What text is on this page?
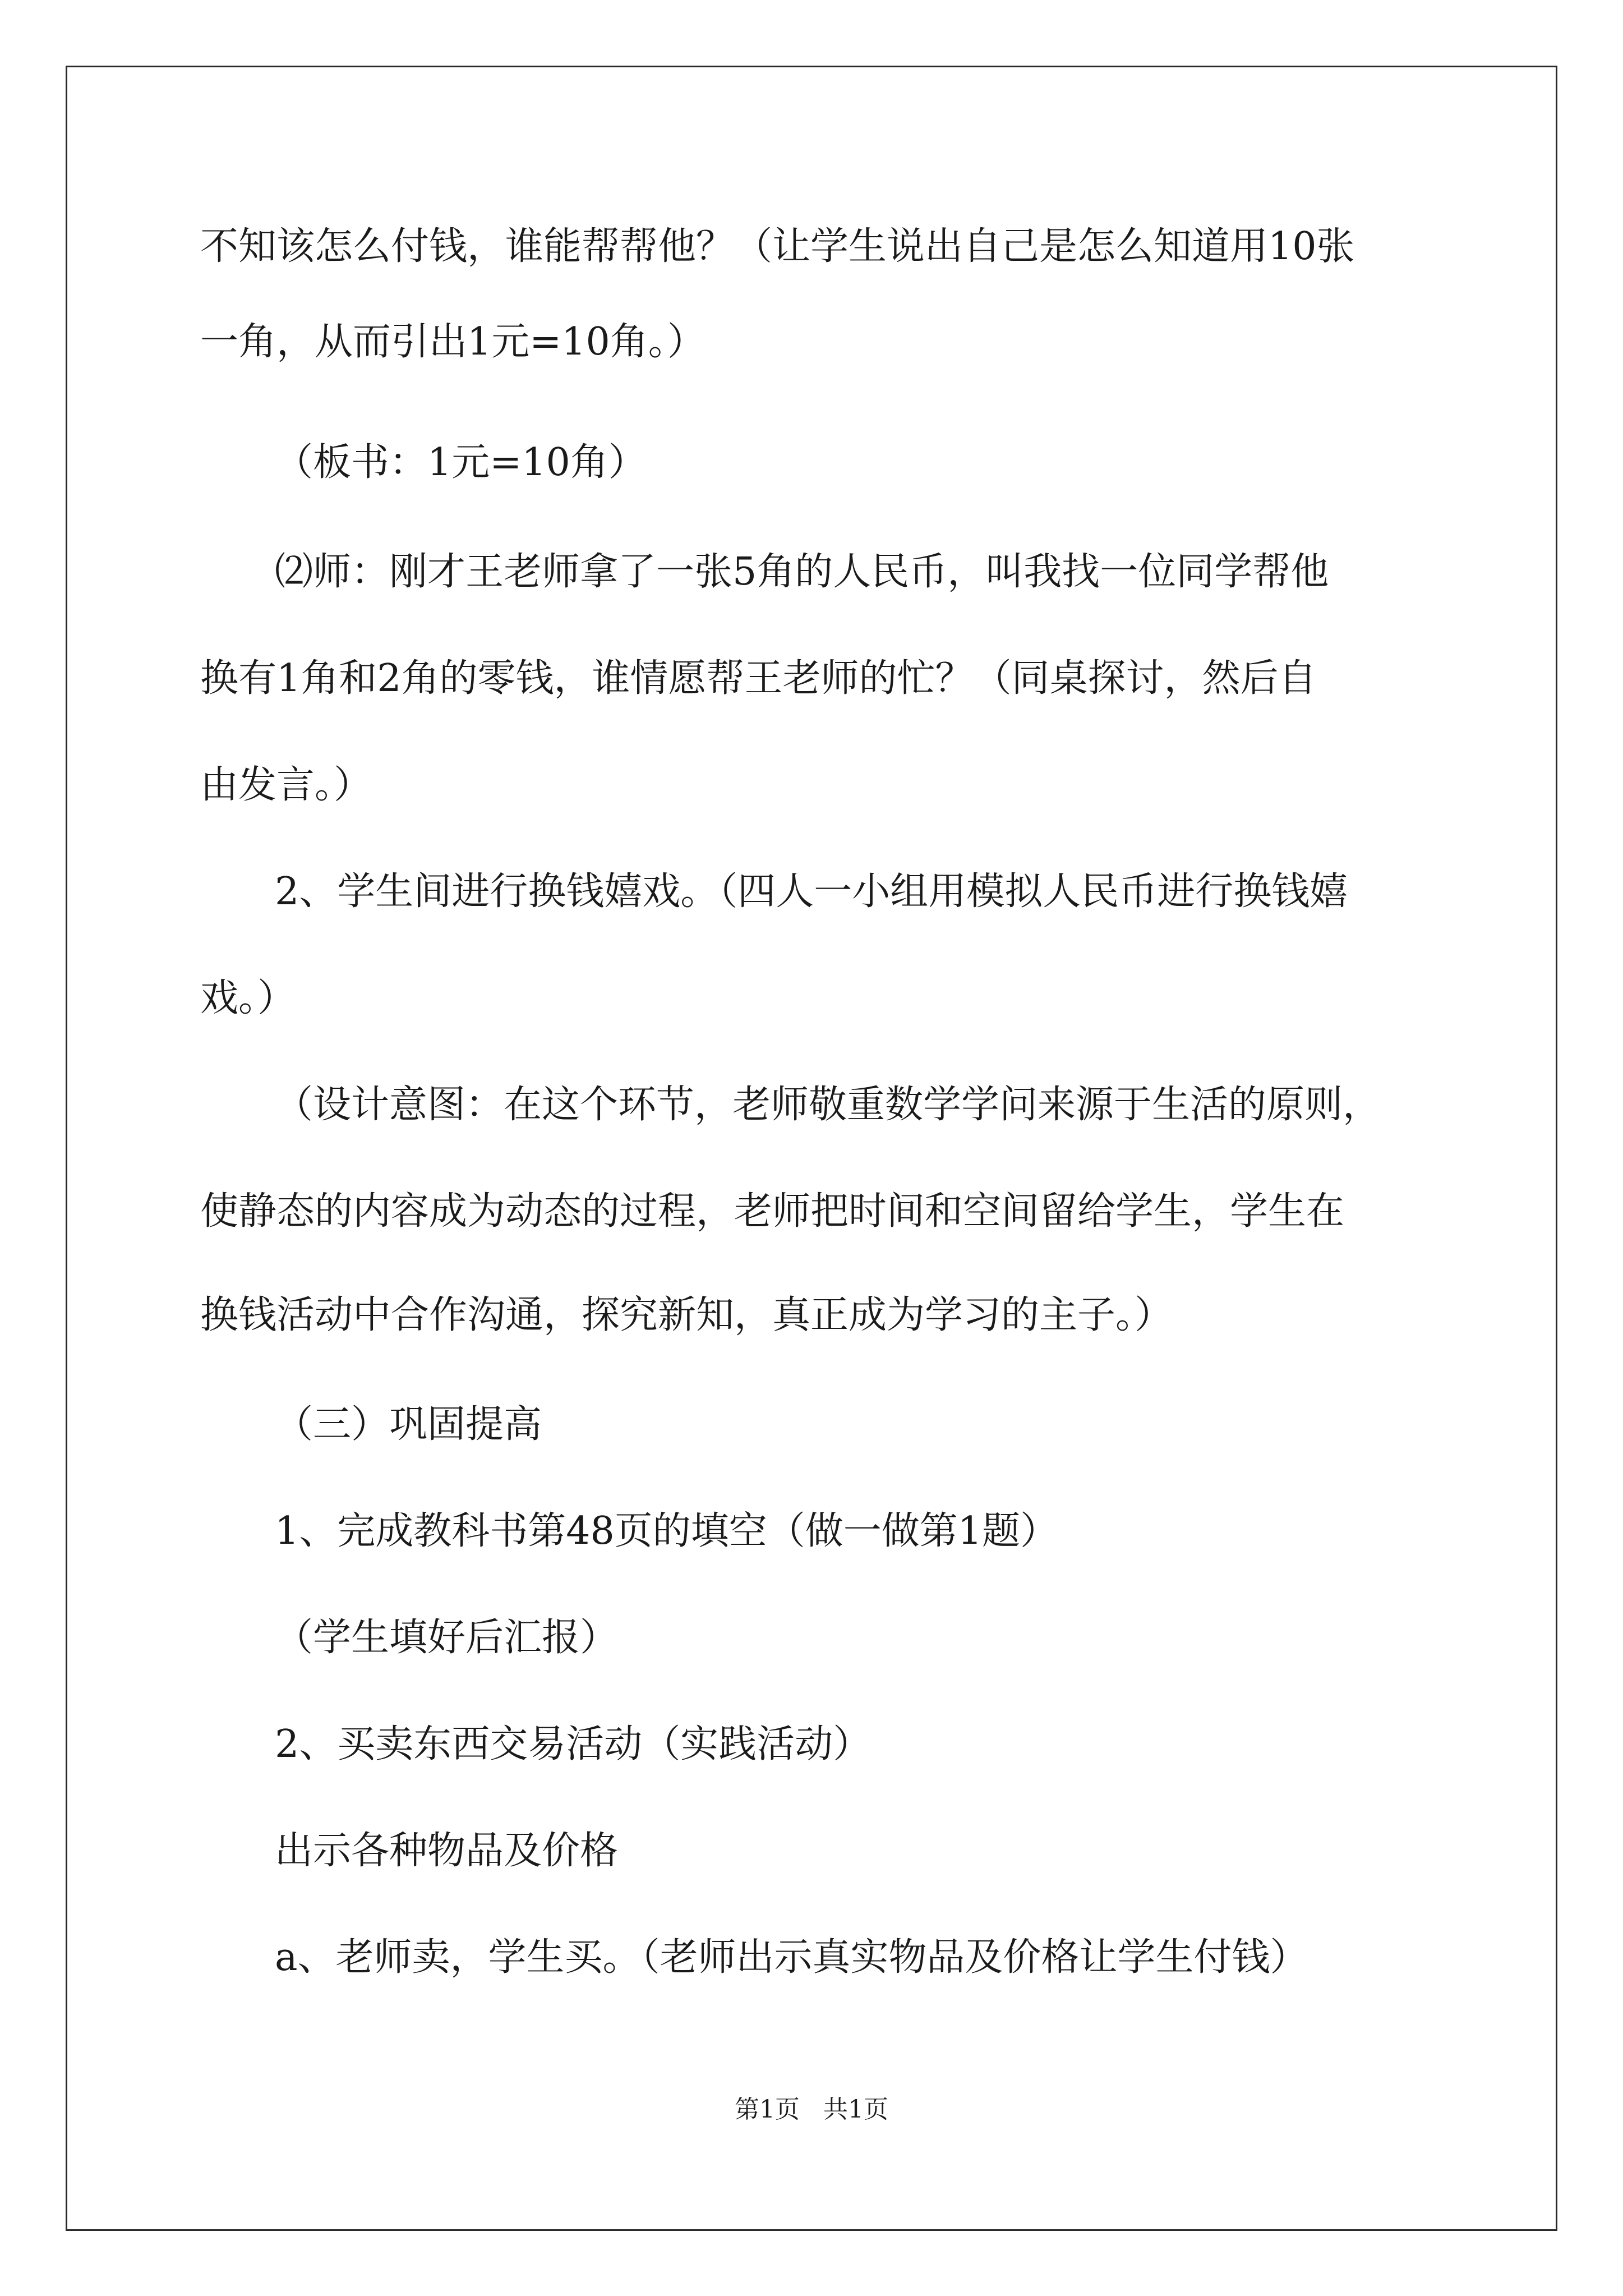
不知该怎么付钱，谁能帮帮他？（让学生说出自己是怎么知道用10张
一角，从而引出1元=10角。）
（板书：1元=10角）
⑵师：刚才王老师拿了一张5角的人民币，叫我找一位同学帮他
换有1角和2角的零钱，谁情愿帮王老师的忙？（同桌探讨，然后自
由发言。）
2、学生间进行换钱嬉戏。（四人一小组用模拟人民币进行换钱嬉
戏。）
（设计意图：在这个环节，老师敬重数学学问来源于生活的原则，
使静态的内容成为动态的过程，老师把时间和空间留给学生，学生在
换钱活动中合作沟通，探究新知，真正成为学习的主子。）
（三）巩固提高
1、完成教科书第48页的填空（做一做第1题）
（学生填好后汇报）
2、买卖东西交易活动（实践活动）
出示各种物品及价格
a、老师卖，学生买。（老师出示真实物品及价格让学生付钱）
第1页   共1页
